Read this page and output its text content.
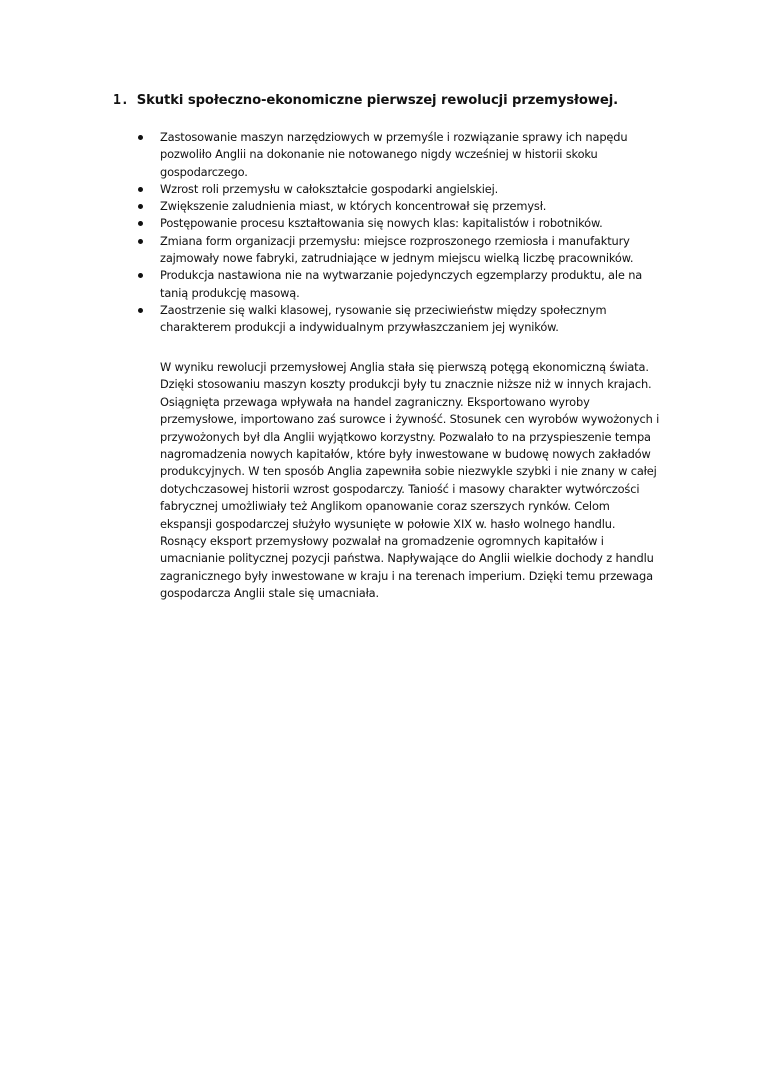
1. Skutki społeczno-ekonomiczne pierwszej rewolucji przemysłowej.
Zastosowanie maszyn narzędziowych w przemyśle i rozwiązanie sprawy ich napędu pozwoliło Anglii na dokonanie nie notowanego nigdy wcześniej w historii skoku gospodarczego.
Wzrost roli przemysłu w całokształcie gospodarki angielskiej.
Zwiększenie zaludnienia miast, w których koncentrował się przemysł.
Postępowanie procesu kształtowania się nowych klas: kapitalistów i robotników.
Zmiana form organizacji przemysłu: miejsce rozproszonego rzemiosła i manufaktury zajmowały nowe fabryki, zatrudniające w jednym miejscu wielką liczbę pracowników.
Produkcja nastawiona nie na wytwarzanie pojedynczych egzemplarzy produktu, ale na tanią produkcję masową.
Zaostrzenie się walki klasowej, rysowanie się przeciwieństw między społecznym charakterem produkcji a indywidualnym przywłaszczaniem jej wyników.

W wyniku rewolucji przemysłowej Anglia stała się pierwszą potęgą ekonomiczną świata. Dzięki stosowaniu maszyn koszty produkcji były tu znacznie niższe niż w innych krajach. Osiągnięta przewaga wpływała na handel zagraniczny. Eksportowano wyroby przemysłowe, importowano zaś surowce i żywność. Stosunek cen wyrobów wywożonych i przywożonych był dla Anglii wyjątkowo korzystny. Pozwalało to na przyspieszenie tempa nagromadzenia nowych kapitałów, które były inwestowane w budowę nowych zakładów produkcyjnych. W ten sposób Anglia zapewniła sobie niezwykle szybki i nie znany w całej dotychczasowej historii wzrost gospodarczy. Taniość i masowy charakter wytwórczości fabrycznej umożliwiały też Anglikom opanowanie coraz szerszych rynków. Celom ekspansji gospodarczej służyło wysunięte w połowie XIX w. hasło wolnego handlu. Rosnący eksport przemysłowy pozwalał na gromadzenie ogromnych kapitałów i umacnianie politycznej pozycji państwa. Napływające do Anglii wielkie dochody z handlu zagranicznego były inwestowane w kraju i na terenach imperium. Dzięki temu przewaga gospodarcza Anglii stale się umacniała.
